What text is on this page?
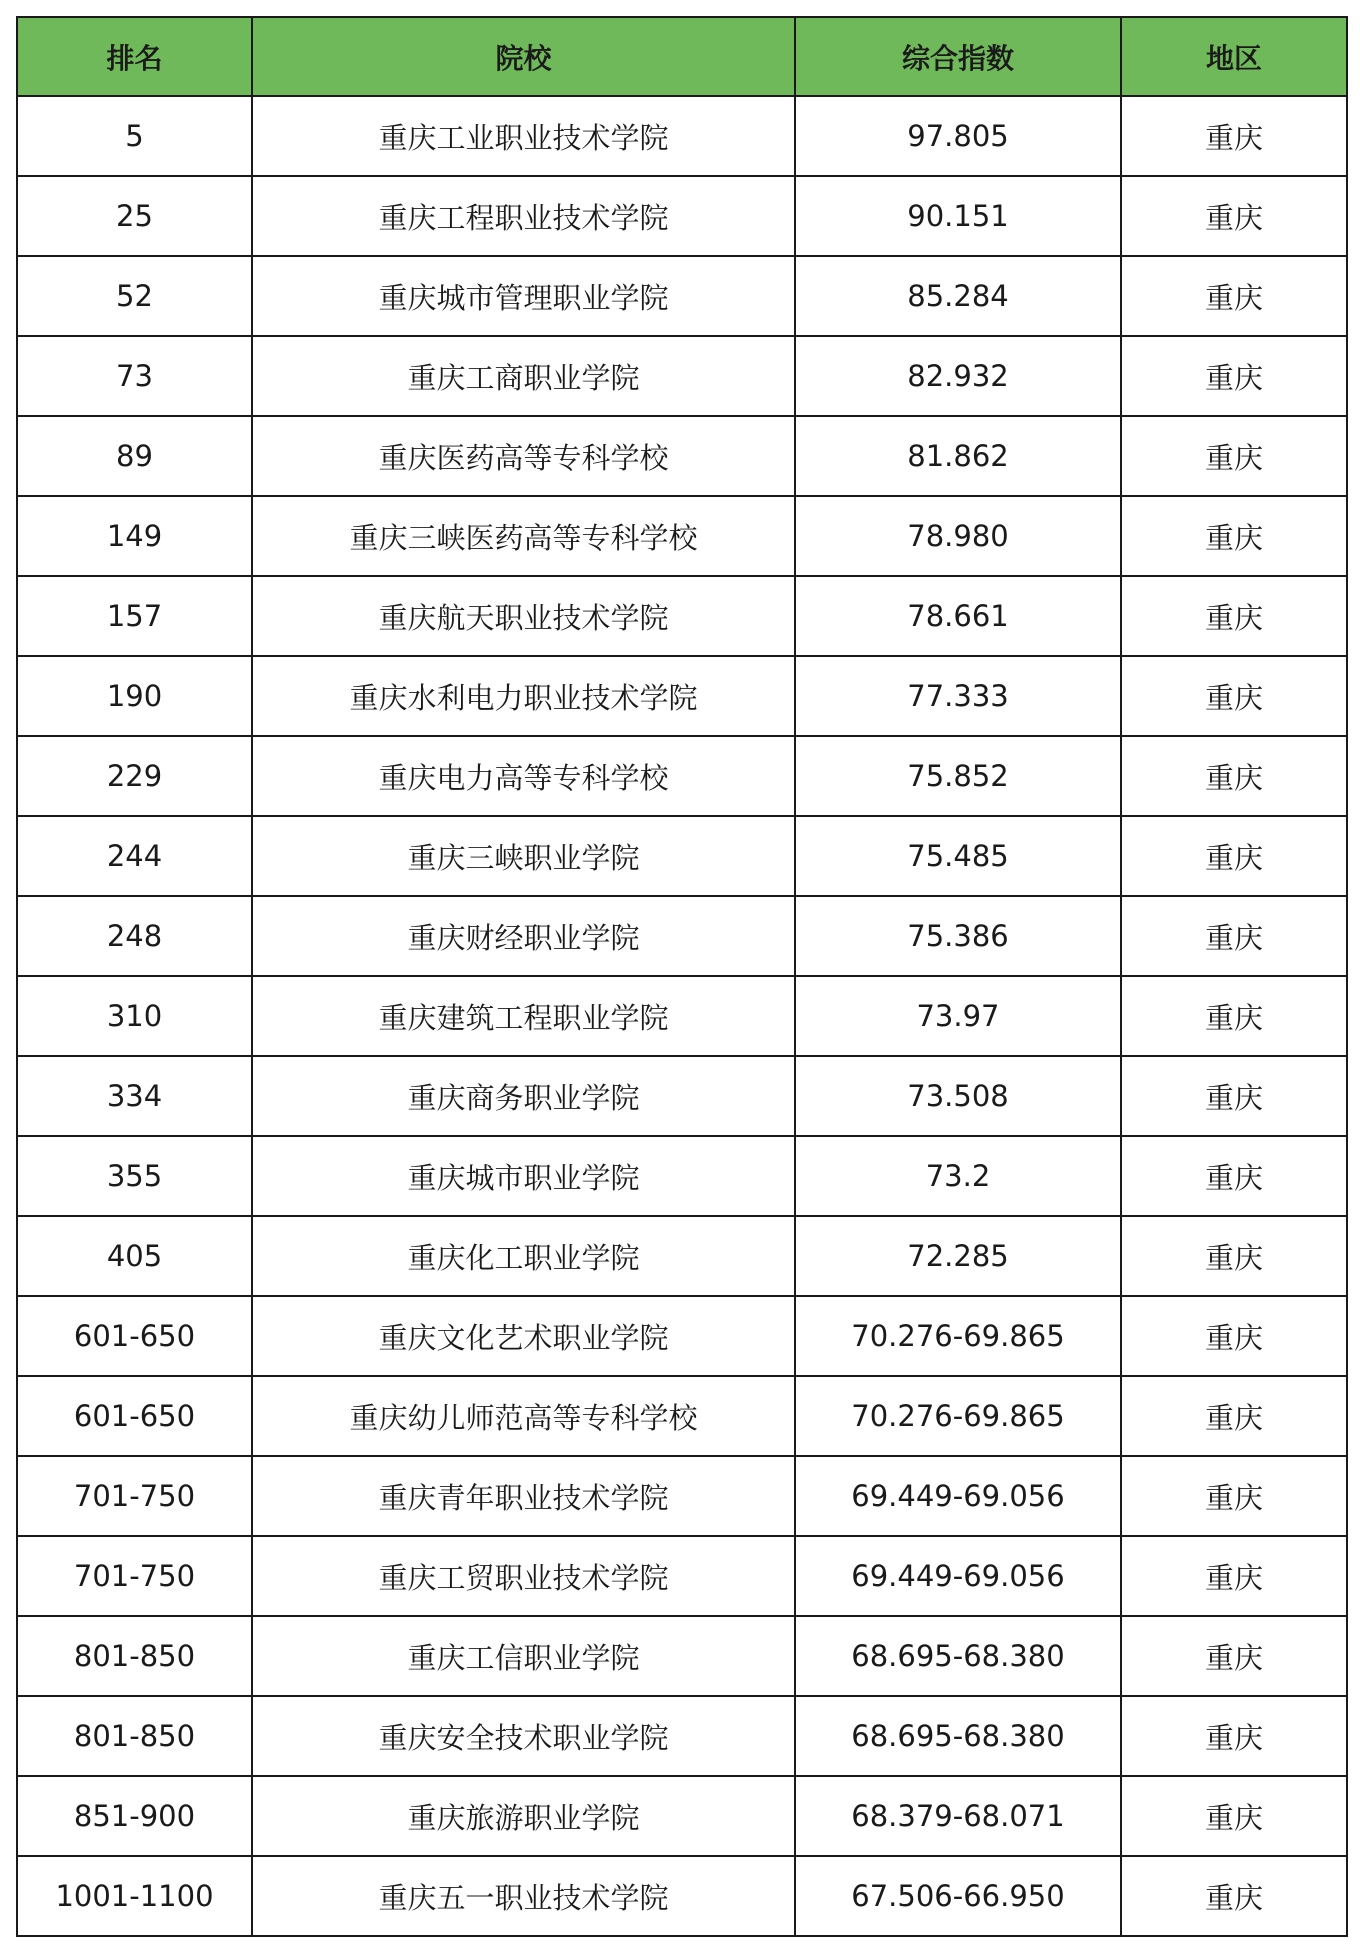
排名	院校	综合指数	地区
5	重庆工业职业技术学院	97.805	重庆
25	重庆工程职业技术学院	90.151	重庆
52	重庆城市管理职业学院	85.284	重庆
73	重庆工商职业学院	82.932	重庆
89	重庆医药高等专科学校	81.862	重庆
149	重庆三峡医药高等专科学校	78.980	重庆
157	重庆航天职业技术学院	78.661	重庆
190	重庆水利电力职业技术学院	77.333	重庆
229	重庆电力高等专科学校	75.852	重庆
244	重庆三峡职业学院	75.485	重庆
248	重庆财经职业学院	75.386	重庆
310	重庆建筑工程职业学院	73.97	重庆
334	重庆商务职业学院	73.508	重庆
355	重庆城市职业学院	73.2	重庆
405	重庆化工职业学院	72.285	重庆
601-650	重庆文化艺术职业学院	70.276-69.865	重庆
601-650	重庆幼儿师范高等专科学校	70.276-69.865	重庆
701-750	重庆青年职业技术学院	69.449-69.056	重庆
701-750	重庆工贸职业技术学院	69.449-69.056	重庆
801-850	重庆工信职业学院	68.695-68.380	重庆
801-850	重庆安全技术职业学院	68.695-68.380	重庆
851-900	重庆旅游职业学院	68.379-68.071	重庆
1001-1100	重庆五一职业技术学院	67.506-66.950	重庆
